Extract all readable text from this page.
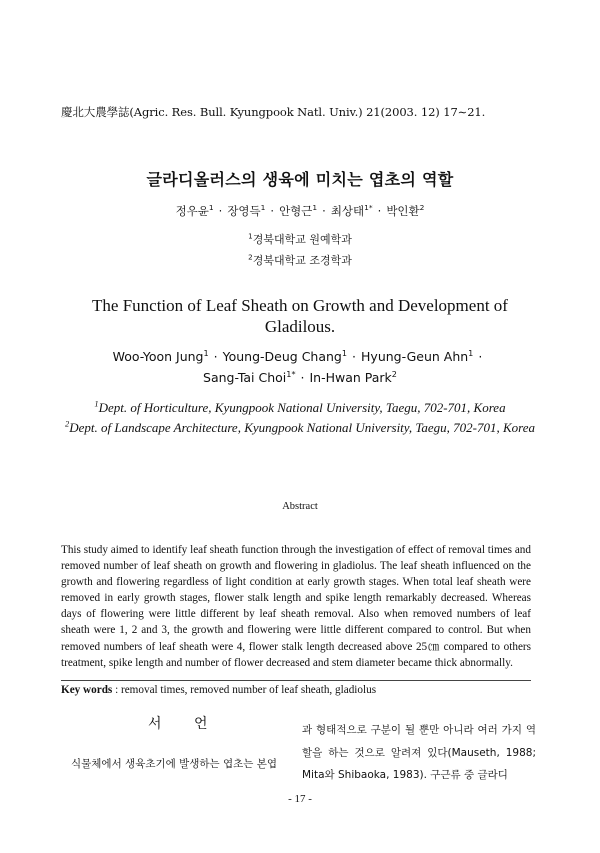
慶北大農學誌(Agric. Res. Bull. Kyungpook Natl. Univ.) 21(2003. 12) 17∼21.
글라디올러스의 생육에 미치는 엽초의 역할
정우윤$^1$ · 장영득$^1$ · 안형근$^1$ · 최상태$^{1*}$ · 박인환$^2$
$^1$경북대학교 원예학과
$^2$경북대학교 조경학과
The Function of Leaf Sheath on Growth and Development of Gladilous.
Woo-Yoon Jung$^1$ · Young-Deug Chang$^1$ · Hyung-Geun Ahn$^1$ ·
Sang-Tai Choi$^{1*}$ · In-Hwan Park$^2$
$^1$Dept. of Horticulture, Kyungpook National University, Taegu, 702-701, Korea
$^2$Dept. of Landscape Architecture, Kyungpook National University, Taegu, 702-701, Korea
Abstract

This study aimed to identify leaf sheath function through the investigation of effect of removal times and removed number of leaf sheath on growth and flowering in gladiolus. The leaf sheath influenced on the growth and flowering regardless of light condition at early growth stages. When total leaf sheath were removed in early growth stages, flower stalk length and spike length remarkably decreased. Whereas days of flowering were little different by leaf sheath removal. Also when removed numbers of leaf sheath were 1, 2 and 3, the growth and flowering were little different compared to control. But when removed numbers of leaf sheath were 4, flower stalk length decreased above 25㎝ compared to others treatment, spike length and number of flower decreased and stem diameter became thick abnormally.

Key words : removal times, removed number of leaf sheath, gladiolus
서 언

식물체에서 생육초기에 발생하는 엽초는 본엽

과 형태적으로 구분이 될 뿐만 아니라 여러 가지 역할을 하는 것으로 알려져 있다(Mauseth, 1988; Mita와 Shibaoka, 1983). 구근류 중 글라디

- 17 -
